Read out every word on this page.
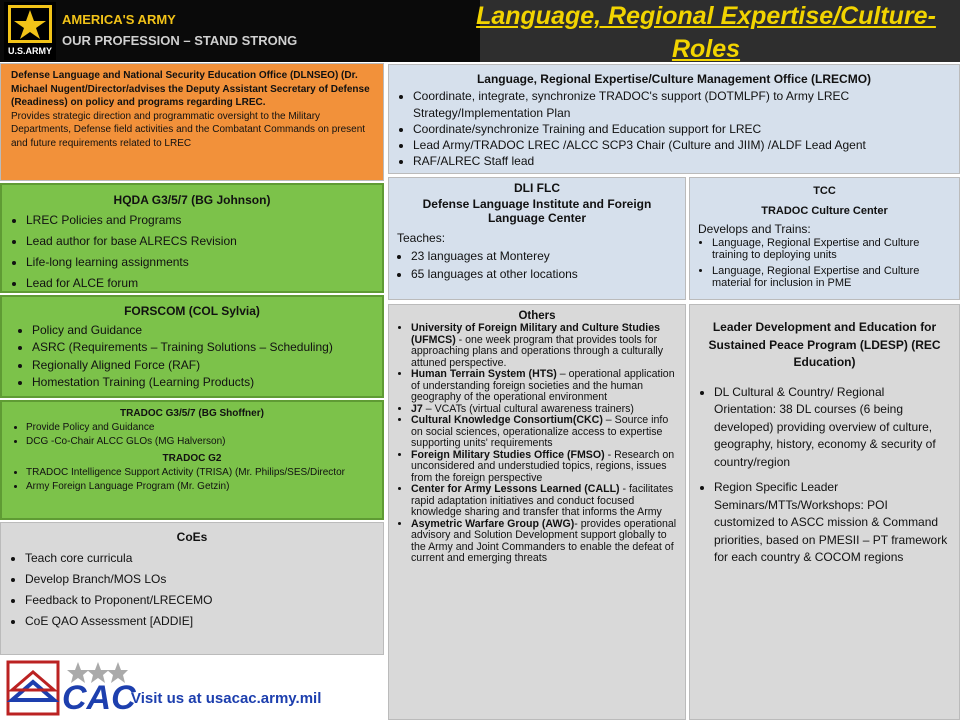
U.S.ARMY
AMERICA'S ARMY
OUR PROFESSION – STAND STRONG
Language, Regional Expertise/Culture-Roles
Defense Language and National Security Education Office (DLNSEO) (Dr. Michael Nugent/Director/advises the Deputy Assistant Secretary of Defense (Readiness) on policy and programs regarding LREC.
Provides strategic direction and programmatic oversight to the Military Departments, Defense field activities and the Combatant Commands on present and future requirements related to LREC
HQDA G3/5/7 (BG Johnson)
• LREC Policies and Programs
• Lead author for base ALRECS Revision
• Life-long learning assignments
• Lead for ALCE forum
FORSCOM (COL Sylvia)
• Policy and Guidance
• ASRC (Requirements – Training Solutions – Scheduling)
• Regionally Aligned Force (RAF)
• Homestation Training (Learning Products)
TRADOC G3/5/7 (BG Shoffner)
• Provide Policy and Guidance
• DCG -Co-Chair ALCC GLOs (MG Halverson)
TRADOC G2
• TRADOC Intelligence Support Activity (TRISA) (Mr. Philips/SES/Director
• Army Foreign Language Program (Mr. Getzin)
CoEs
• Teach core curricula
• Develop Branch/MOS LOs
• Feedback to Proponent/LRECEMO
• CoE QAO Assessment [ADDIE]
CAC
Visit us at usacac.army.mil
Language, Regional Expertise/Culture Management Office (LRECMO)
• Coordinate, integrate, synchronize TRADOC's support (DOTMLPF) to Army LREC Strategy/Implementation Plan
• Coordinate/synchronize Training and Education support for LREC
• Lead Army/TRADOC LREC /ALCC SCP3 Chair (Culture and JIIM) /ALDF Lead Agent
• RAF/ALREC Staff lead
DLI FLC
Defense Language Institute and Foreign Language Center
Teaches:
• 23 languages at Monterey
• 65 languages at other locations
TCC
TRADOC Culture Center
Develops and Trains:
• Language, Regional Expertise and Culture training to deploying units
• Language, Regional Expertise and Culture material for inclusion in PME
Others
• University of Foreign Military and Culture Studies (UFMCS) - one week program that provides tools for approaching plans and operations through a culturally attuned perspective.
• Human Terrain System (HTS) – operational application of understanding foreign societies and the human geography of the operational environment
• J7 – VCATs (virtual cultural awareness trainers)
• Cultural Knowledge Consortium(CKC) – Source info on social sciences, operationalize access to expertise supporting units' requirements
• Foreign Military Studies Office (FMSO) - Research on unconsidered and understudied topics, regions, issues from the foreign perspective
• Center for Army Lessons Learned (CALL) - facilitates rapid adaptation initiatives and conduct focused knowledge sharing and transfer that informs the Army
• Asymetric Warfare Group (AWG)- provides operational advisory and Solution Development support globally to the Army and Joint Commanders to enable the defeat of current and emerging threats
Leader Development and Education for Sustained Peace Program (LDESP) (REC Education)
• DL Cultural & Country/ Regional Orientation: 38 DL courses (6 being developed) providing overview of culture, geography, history, economy & security of country/region
• Region Specific Leader Seminars/MTTs/Workshops: POI customized to ASCC mission & Command priorities, based on PMESII – PT framework for each country & COCOM regions
